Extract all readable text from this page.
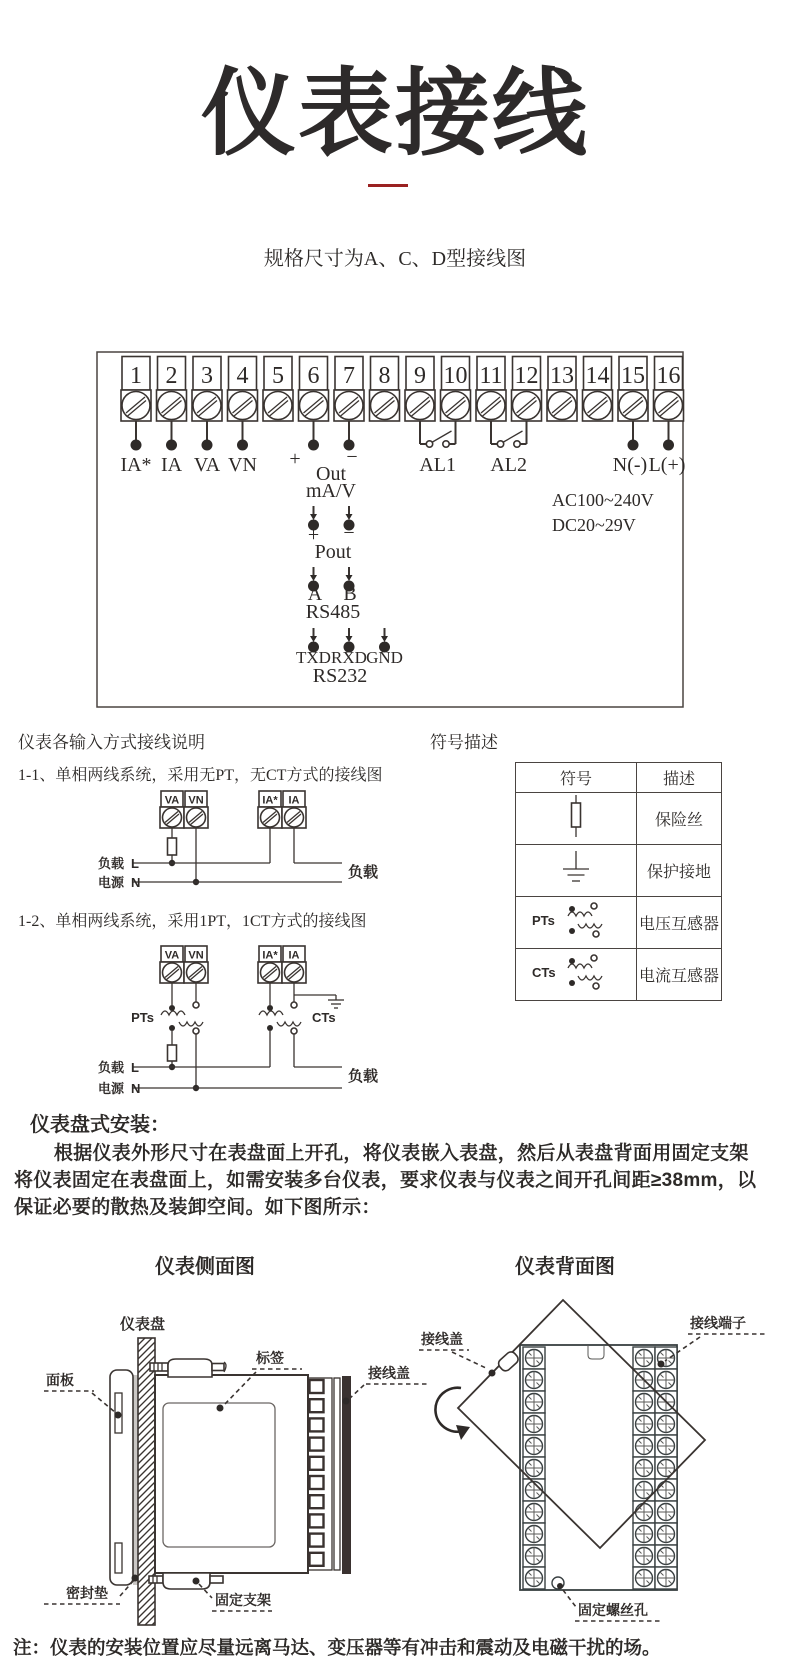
仪表接线
规格尺寸为A、C、D型接线图
1 2 3 4 5 6 7 8 9 10 11 12 13 14 15 16
IA* IA VA VN + −
Out
mA/V
+ −
Pout
A B
RS485
TXD RXD GND
RS232
AL1 AL2	N(-) L(+)
AC100~240V
DC20~29V
仪表各输入方式接线说明	符号描述
1-1、单相两线系统，采用无PT，无CT方式的接线图
负载 L
电源 N
负载
VA VN	IA* IA
符号	描述
	保险丝
	保护接地

PTs	电压互感器

CTs	电流互感器
1-2、单相两线系统，采用1PT，1CT方式的接线图
PTs	CTs
负载 L
电源 N
负载
VA VN	IA* IA
仪表盘式安装：
根据仪表外形尺寸在表盘面上开孔，将仪表嵌入表盘，然后从表盘背面用固定支架将仪表固定在表盘面上，如需安装多台仪表，要求仪表与仪表之间开孔间距≥38mm，以保证必要的散热及装卸空间。如下图所示：
仪表侧面图	仪表背面图
仪表盘
面板
标签
接线盖
密封垫	固定支架
接线盖
接线端子
固定螺丝孔
注：仪表的安装位置应尽量远离马达、变压器等有冲击和震动及电磁干扰的场。
